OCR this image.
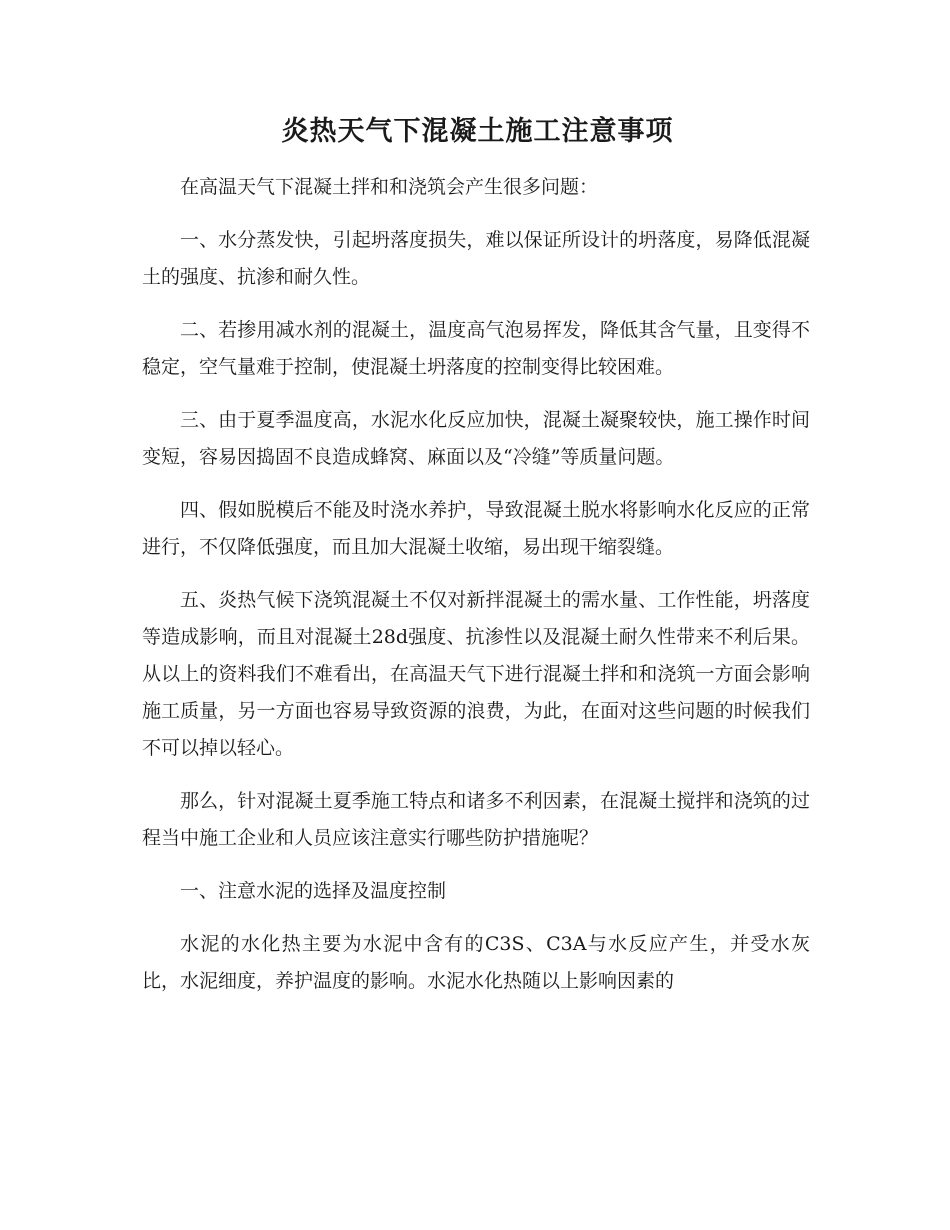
炎热天气下混凝土施工注意事项

在高温天气下混凝土拌和和浇筑会产生很多问题：

一、水分蒸发快，引起坍落度损失，难以保证所设计的坍落度，易降低混凝土的强度、抗渗和耐久性。

二、若掺用减水剂的混凝土，温度高气泡易挥发，降低其含气量，且变得不稳定，空气量难于控制，使混凝土坍落度的控制变得比较困难。

三、由于夏季温度高，水泥水化反应加快，混凝土凝聚较快，施工操作时间变短，容易因捣固不良造成蜂窝、麻面以及“冷缝”等质量问题。

四、假如脱模后不能及时浇水养护，导致混凝土脱水将影响水化反应的正常进行，不仅降低强度，而且加大混凝土收缩，易出现干缩裂缝。

五、炎热气候下浇筑混凝土不仅对新拌混凝土的需水量、工作性能，坍落度等造成影响，而且对混凝土28d强度、抗渗性以及混凝土耐久性带来不利后果。从以上的资料我们不难看出，在高温天气下进行混凝土拌和和浇筑一方面会影响施工质量，另一方面也容易导致资源的浪费，为此，在面对这些问题的时候我们不可以掉以轻心。

那么，针对混凝土夏季施工特点和诸多不利因素，在混凝土搅拌和浇筑的过程当中施工企业和人员应该注意实行哪些防护措施呢？

一、注意水泥的选择及温度控制

水泥的水化热主要为水泥中含有的C3S、C3A与水反应产生，并受水灰比，水泥细度，养护温度的影响。水泥水化热随以上影响因素的
